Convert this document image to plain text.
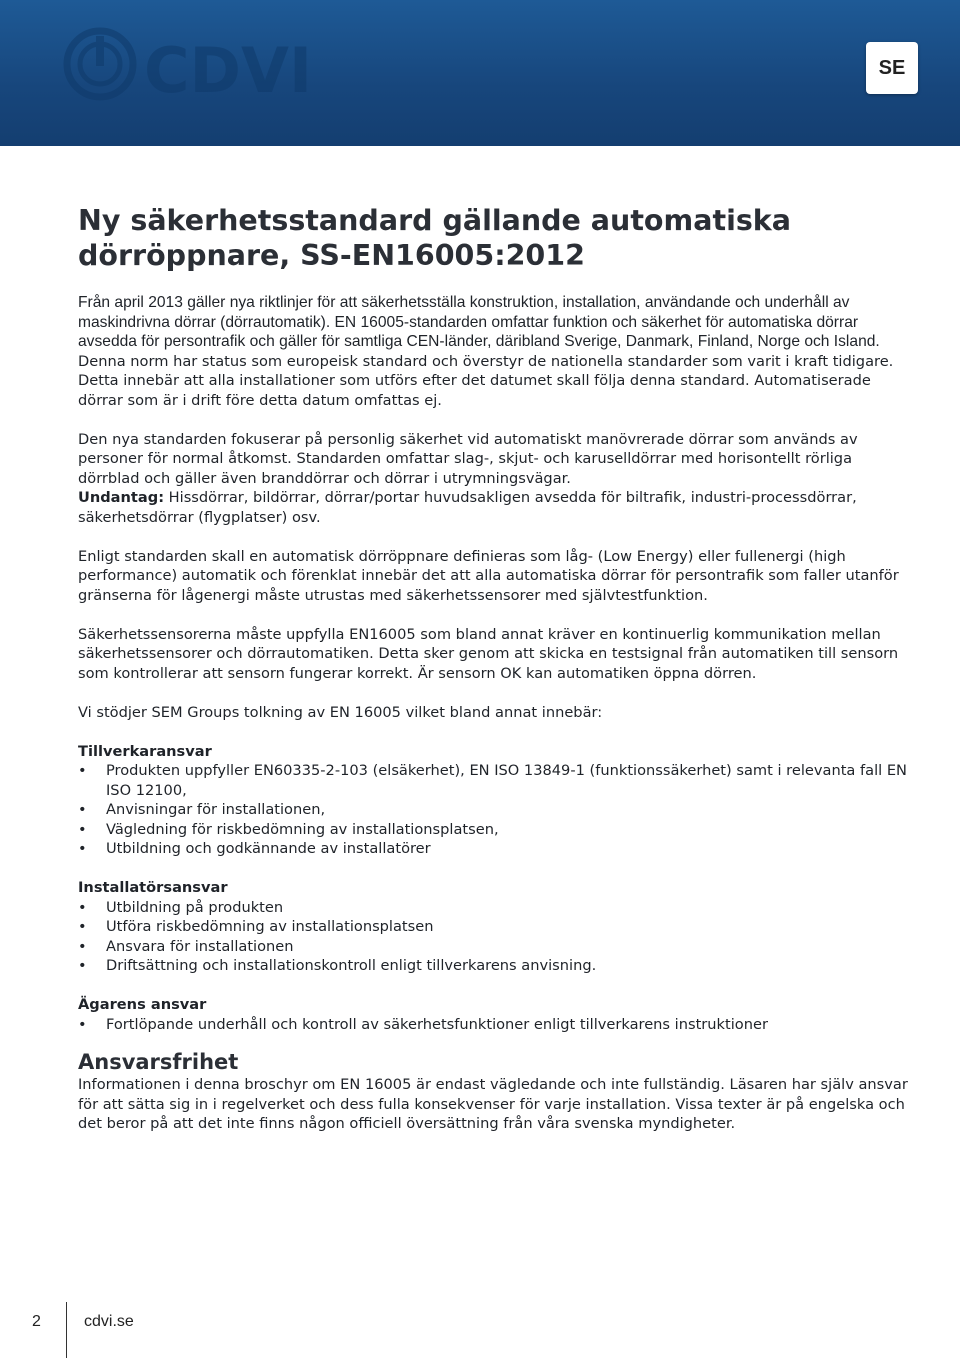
CDVI	SE
Ny säkerhetsstandard gällande automatiska dörröppnare, SS-EN16005:2012

Från april 2013 gäller nya riktlinjer för att säkerhetsställa konstruktion, installation, användande och underhåll av maskindrivna dörrar (dörrautomatik). EN 16005-standarden omfattar funktion och säkerhet för automatiska dörrar avsedda för persontrafik och gäller för samtliga CEN-länder, däribland Sverige, Danmark, Finland, Norge och Island. Denna norm har status som europeisk standard och överstyr de nationella standarder som varit i kraft tidigare. Detta innebär att alla installationer som utförs efter det datumet skall följa denna standard. Automatiserade dörrar som är i drift före detta datum omfattas ej.

Den nya standarden fokuserar på personlig säkerhet vid automatiskt manövrerade dörrar som används av personer för normal åtkomst. Standarden omfattar slag-, skjut- och karuselldörrar med horisontellt rörliga dörrblad och gäller även branddörrar och dörrar i utrymningsvägar.
Undantag: Hissdörrar, bildörrar, dörrar/portar huvudsakligen avsedda för biltrafik, industri-processdörrar, säkerhetsdörrar (flygplatser) osv.

Enligt standarden skall en automatisk dörröppnare definieras som låg- (Low Energy) eller fullenergi (high performance) automatik och förenklat innebär det att alla automatiska dörrar för persontrafik som faller utanför gränserna för lågenergi måste utrustas med säkerhetssensorer med självtestfunktion.

Säkerhetssensorerna måste uppfylla EN16005 som bland annat kräver en kontinuerlig kommunikation mellan säkerhetssensorer och dörrautomatiken. Detta sker genom att skicka en testsignal från automatiken till sensorn som kontrollerar att sensorn fungerar korrekt. Är sensorn OK kan automatiken öppna dörren.

Vi stödjer SEM Groups tolkning av EN 16005 vilket bland annat innebär:

Tillverkaransvar
•	Produkten uppfyller EN60335-2-103 (elsäkerhet), EN ISO 13849-1 (funktionssäkerhet) samt i relevanta fall EN ISO 12100,
•	Anvisningar för installationen,
•	Vägledning för riskbedömning av installationsplatsen,
•	Utbildning och godkännande av installatörer
Installatörsansvar
•	Utbildning på produkten
•	Utföra riskbedömning av installationsplatsen
•	Ansvara för installationen
•	Driftsättning och installationskontroll enligt tillverkarens anvisning.
Ägarens ansvar
•	Fortlöpande underhåll och kontroll av säkerhetsfunktioner enligt tillverkarens instruktioner
Ansvarsfrihet

Informationen i denna broschyr om EN 16005 är endast vägledande och inte fullständig. Läsaren har själv ansvar för att sätta sig in i regelverket och dess fulla konsekvenser för varje installation. Vissa texter är på engelska och det beror på att det inte finns någon officiell översättning från våra svenska myndigheter.

2	cdvi.se
